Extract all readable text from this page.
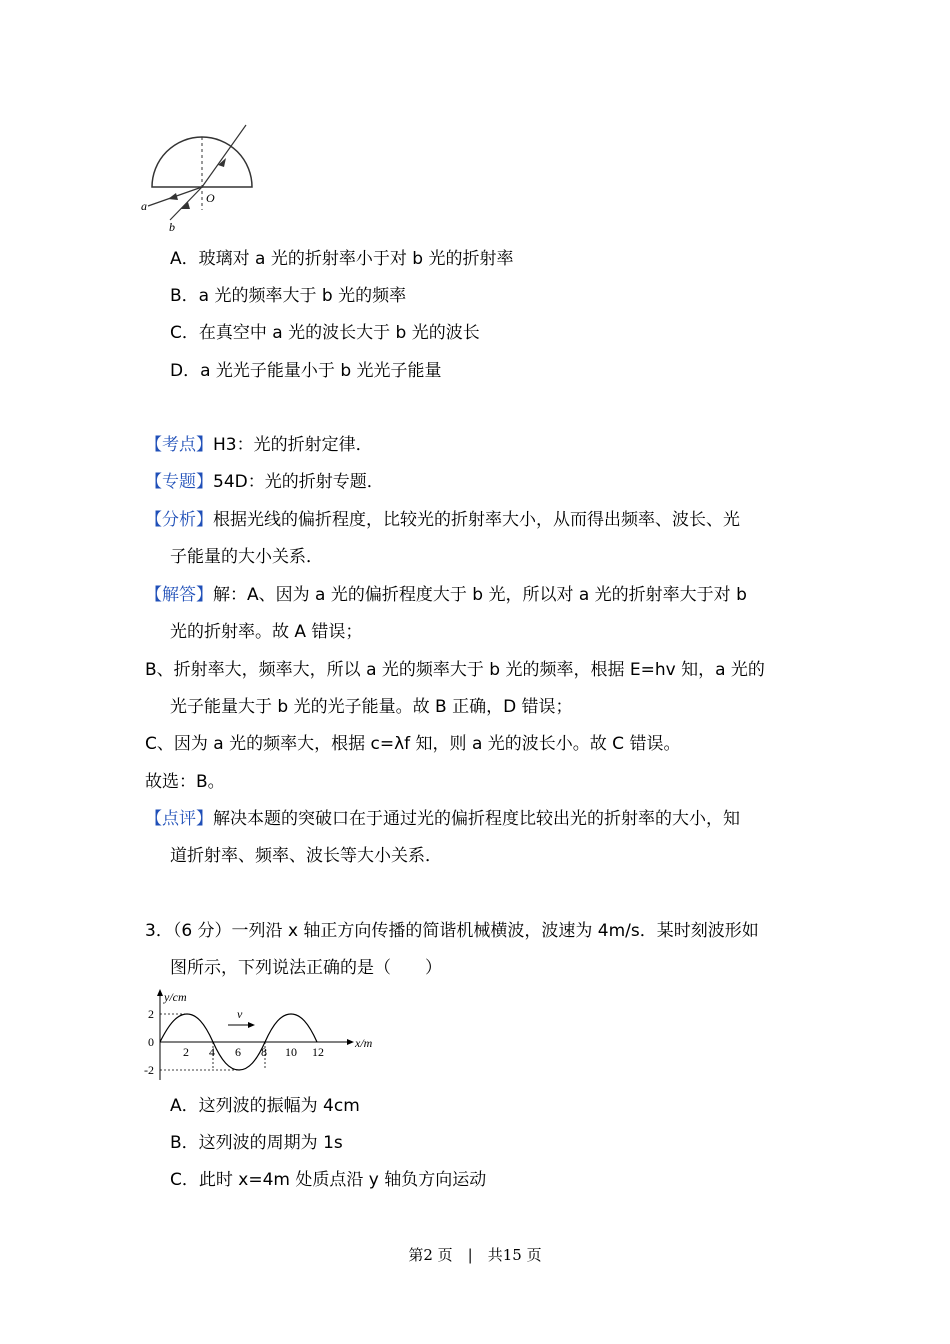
a
b
O
A．玻璃对 a 光的折射率小于对 b 光的折射率
B．a 光的频率大于 b 光的频率
C．在真空中 a 光的波长大于 b 光的波长
D．a 光光子能量小于 b 光光子能量
【考点】H3：光的折射定律．
【专题】54D：光的折射专题．
【分析】根据光线的偏折程度，比较光的折射率大小，从而得出频率、波长、光
子能量的大小关系．
【解答】解：A、因为 a 光的偏折程度大于 b 光，所以对 a 光的折射率大于对 b
光的折射率。故 A 错误；
B、折射率大，频率大，所以 a 光的频率大于 b 光的频率，根据 E=hv 知，a 光的
光子能量大于 b 光的光子能量。故 B 正确，D 错误；
C、因为 a 光的频率大，根据 c=λf 知，则 a 光的波长小。故 C 错误。
故选：B。
【点评】解决本题的突破口在于通过光的偏折程度比较出光的折射率的大小，知
道折射率、频率、波长等大小关系．
3．（6 分）一列沿 x 轴正方向传播的简谐机械横波，波速为 4m/s．某时刻波形如
图所示，下列说法正确的是（　　）
v
y/cm
x/m
2
0
-2
2 4 6 8 10 12
A．这列波的振幅为 4cm
B．这列波的周期为 1s
C．此时 x=4m 处质点沿 y 轴负方向运动
第2 页　|　共15 页
